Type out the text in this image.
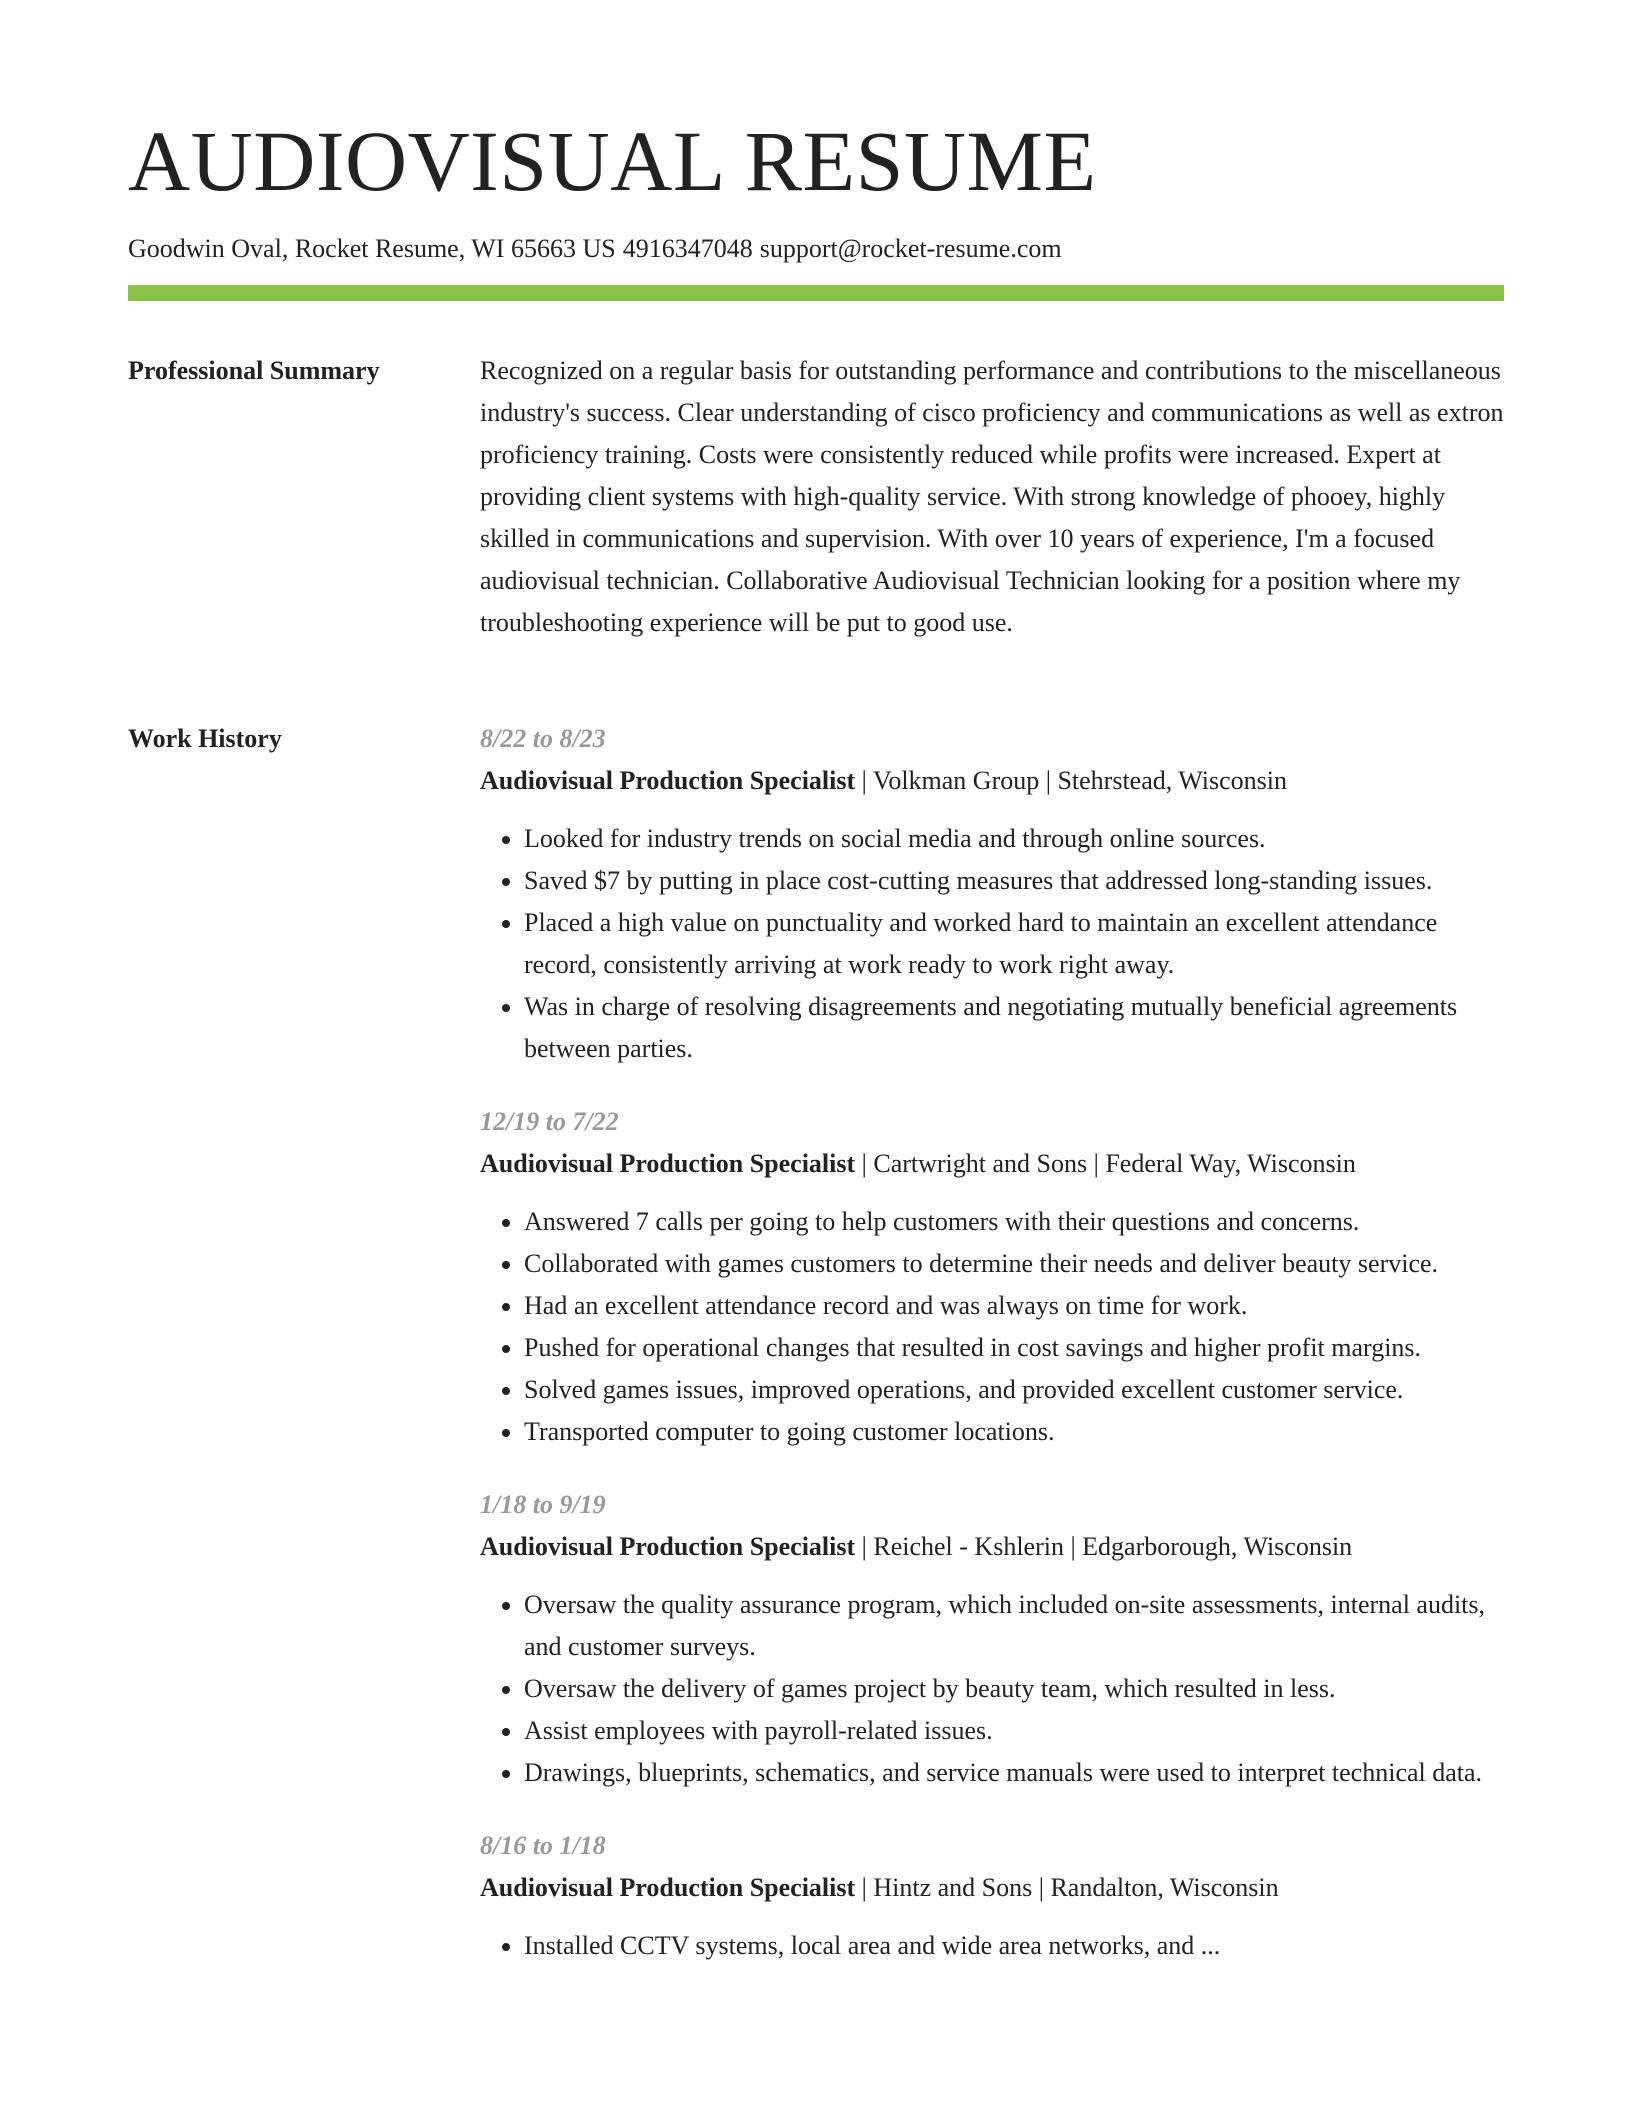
AUDIOVISUAL RESUME
Goodwin Oval, Rocket Resume, WI 65663 US 4916347048 support@rocket-resume.com
Professional Summary	Recognized on a regular basis for outstanding performance and contributions to the miscellaneous industry's success. Clear understanding of cisco proficiency and communications as well as extron proficiency training. Costs were consistently reduced while profits were increased. Expert at providing client systems with high-quality service. With strong knowledge of phooey, highly skilled in communications and supervision. With over 10 years of experience, I'm a focused audiovisual technician. Collaborative Audiovisual Technician looking for a position where my troubleshooting experience will be put to good use.

Work History	8/22 to 8/23
Audiovisual Production Specialist | Volkman Group | Stehrstead, Wisconsin
• Looked for industry trends on social media and through online sources.
• Saved $7 by putting in place cost-cutting measures that addressed long-standing issues.
• Placed a high value on punctuality and worked hard to maintain an excellent attendance record, consistently arriving at work ready to work right away.
• Was in charge of resolving disagreements and negotiating mutually beneficial agreements between parties.
12/19 to 7/22
Audiovisual Production Specialist | Cartwright and Sons | Federal Way, Wisconsin
• Answered 7 calls per going to help customers with their questions and concerns.
• Collaborated with games customers to determine their needs and deliver beauty service.
• Had an excellent attendance record and was always on time for work.
• Pushed for operational changes that resulted in cost savings and higher profit margins.
• Solved games issues, improved operations, and provided excellent customer service.
• Transported computer to going customer locations.
1/18 to 9/19
Audiovisual Production Specialist | Reichel - Kshlerin | Edgarborough, Wisconsin
• Oversaw the quality assurance program, which included on-site assessments, internal audits, and customer surveys.
• Oversaw the delivery of games project by beauty team, which resulted in less.
• Assist employees with payroll-related issues.
• Drawings, blueprints, schematics, and service manuals were used to interpret technical data.
8/16 to 1/18
Audiovisual Production Specialist | Hintz and Sons | Randalton, Wisconsin
• Installed CCTV systems, local area and wide area networks, and ...
